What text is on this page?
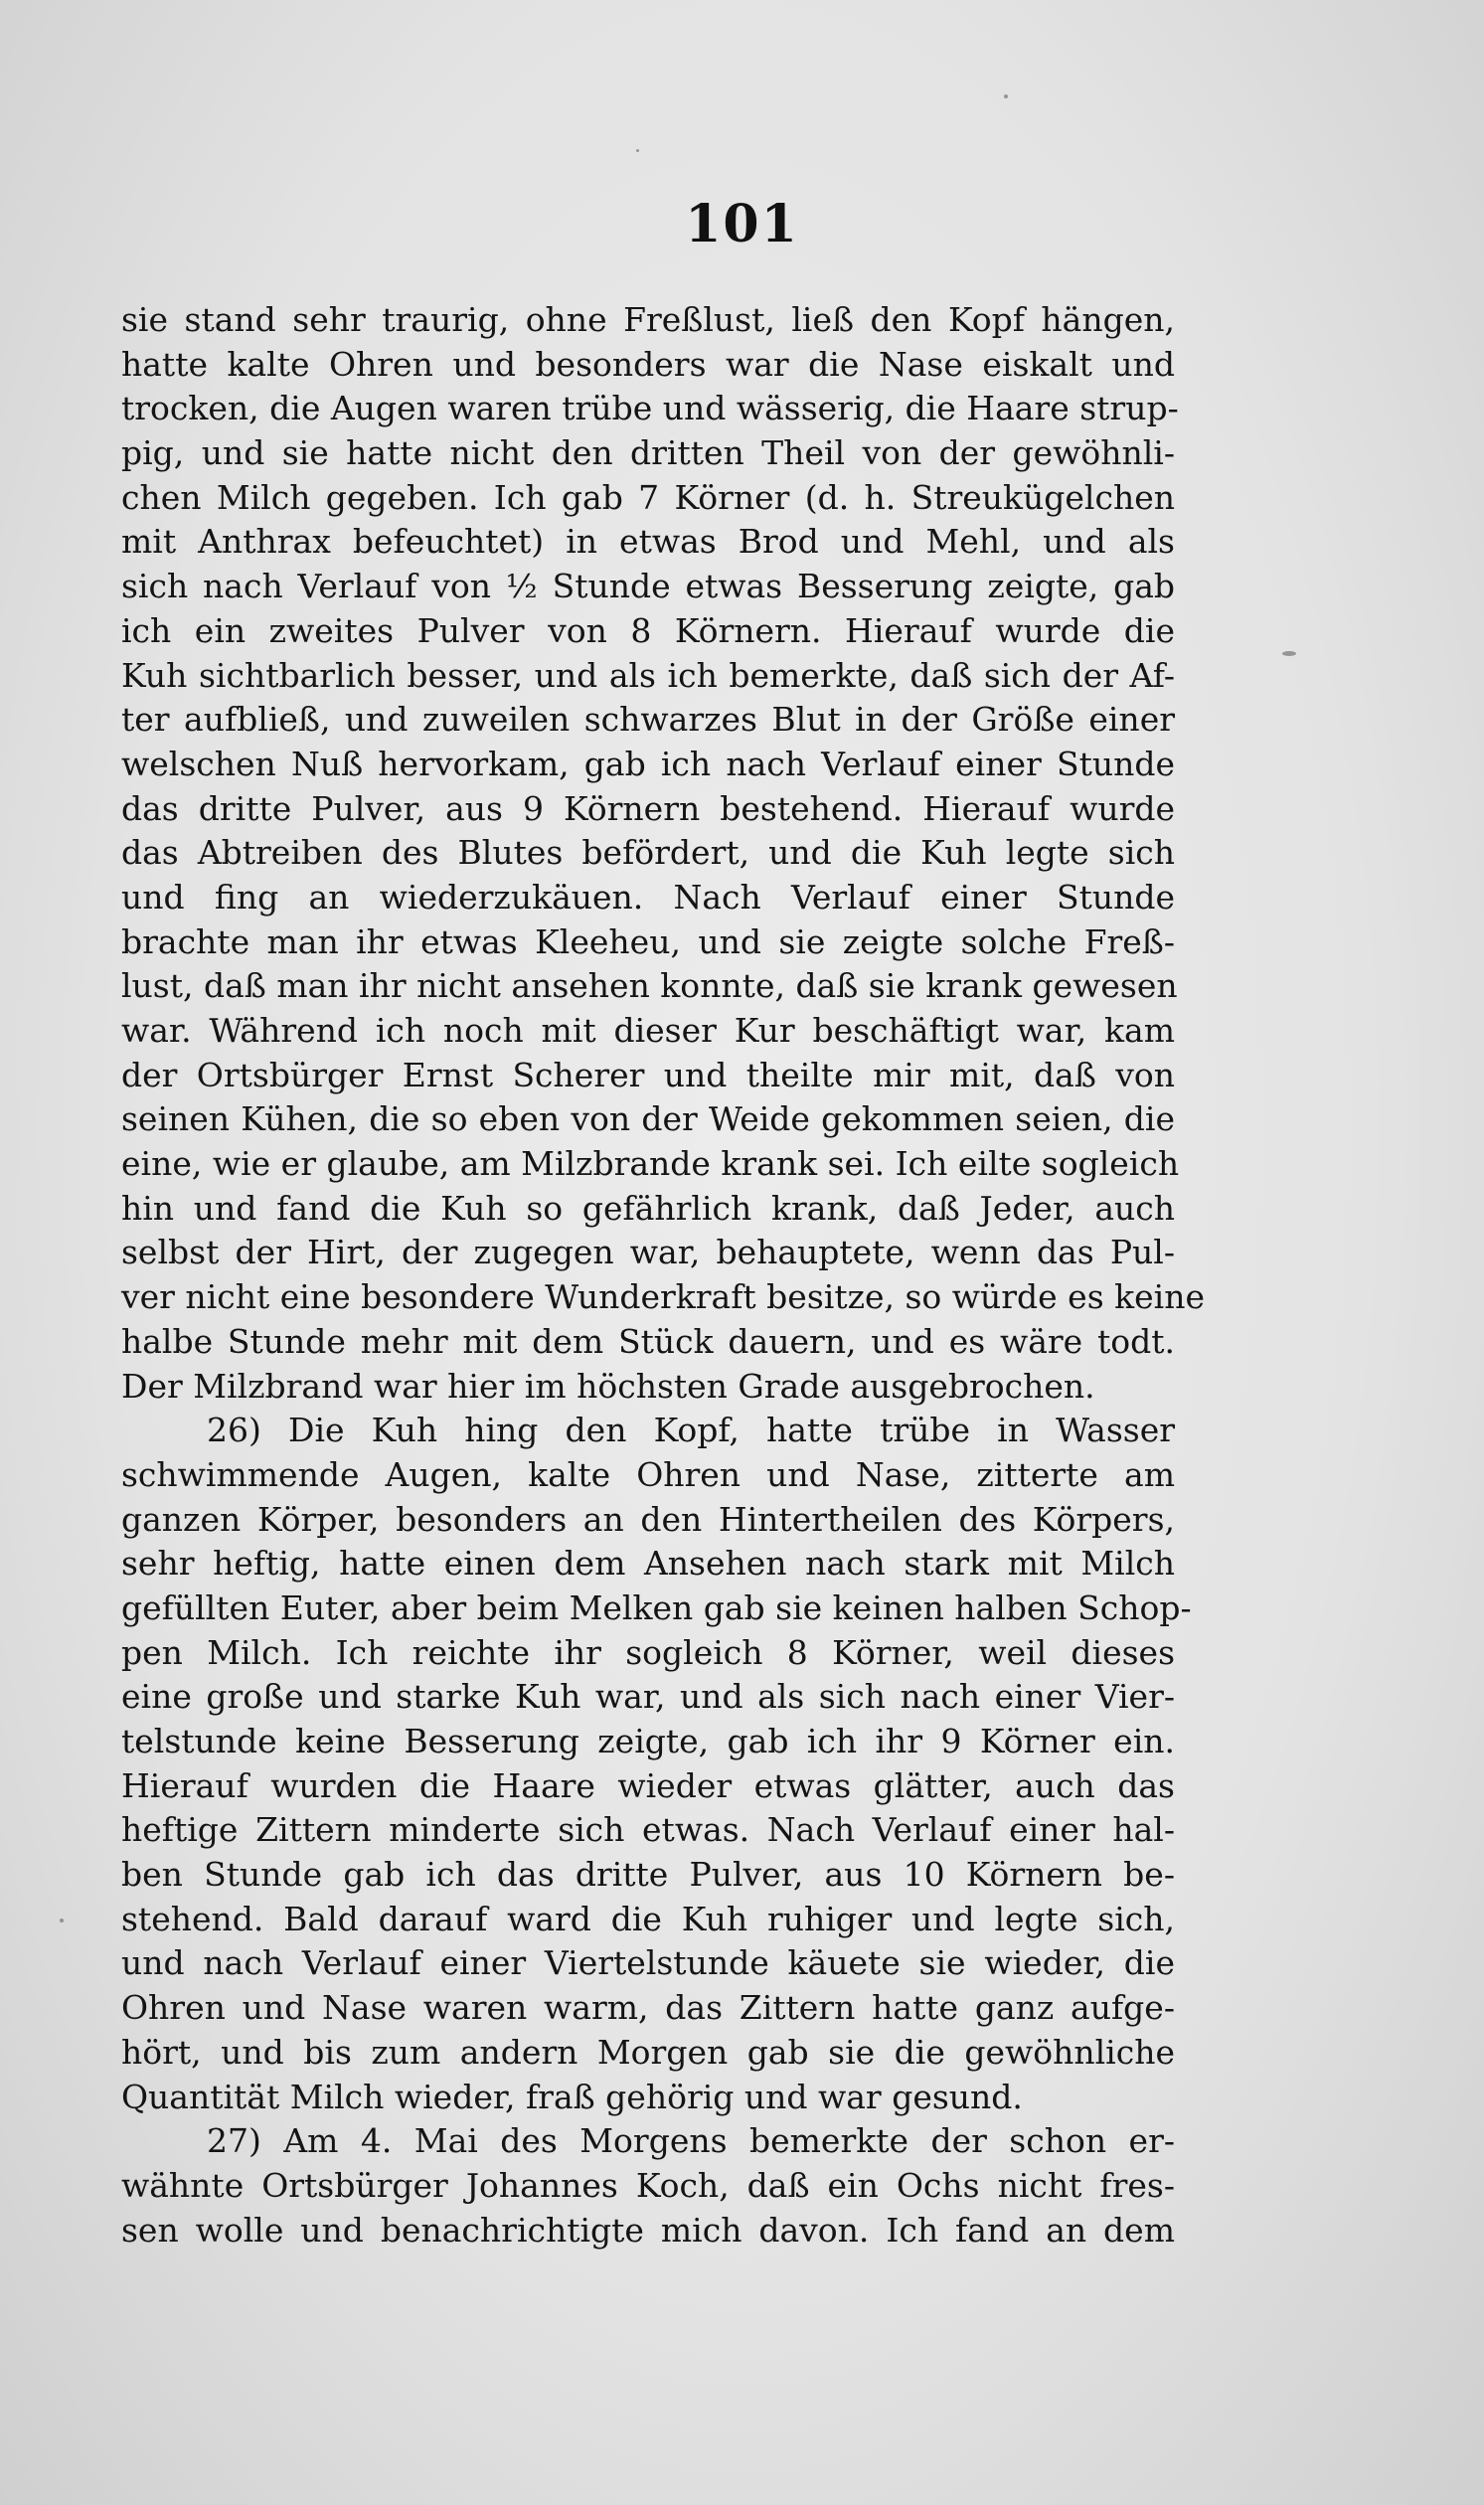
101
sie stand sehr traurig, ohne Freßlust, ließ den Kopf hängen,
hatte kalte Ohren und besonders war die Nase eiskalt und
trocken, die Augen waren trübe und wässerig, die Haare strup-
pig, und sie hatte nicht den dritten Theil von der gewöhnli-
chen Milch gegeben. Ich gab 7 Körner (d. h. Streukügelchen
mit Anthrax befeuchtet) in etwas Brod und Mehl, und als
sich nach Verlauf von ½ Stunde etwas Besserung zeigte, gab
ich ein zweites Pulver von 8 Körnern. Hierauf wurde die
Kuh sichtbarlich besser, und als ich bemerkte, daß sich der Af-
ter aufbließ, und zuweilen schwarzes Blut in der Größe einer
welschen Nuß hervorkam, gab ich nach Verlauf einer Stunde
das dritte Pulver, aus 9 Körnern bestehend. Hierauf wurde
das Abtreiben des Blutes befördert, und die Kuh legte sich
und fing an wiederzukäuen. Nach Verlauf einer Stunde
brachte man ihr etwas Kleeheu, und sie zeigte solche Freß-
lust, daß man ihr nicht ansehen konnte, daß sie krank gewesen
war. Während ich noch mit dieser Kur beschäftigt war, kam
der Ortsbürger Ernst Scherer und theilte mir mit, daß von
seinen Kühen, die so eben von der Weide gekommen seien, die
eine, wie er glaube, am Milzbrande krank sei. Ich eilte sogleich
hin und fand die Kuh so gefährlich krank, daß Jeder, auch
selbst der Hirt, der zugegen war, behauptete, wenn das Pul-
ver nicht eine besondere Wunderkraft besitze, so würde es keine
halbe Stunde mehr mit dem Stück dauern, und es wäre todt.
Der Milzbrand war hier im höchsten Grade ausgebrochen.
26) Die Kuh hing den Kopf, hatte trübe in Wasser
schwimmende Augen, kalte Ohren und Nase, zitterte am
ganzen Körper, besonders an den Hintertheilen des Körpers,
sehr heftig, hatte einen dem Ansehen nach stark mit Milch
gefüllten Euter, aber beim Melken gab sie keinen halben Schop-
pen Milch. Ich reichte ihr sogleich 8 Körner, weil dieses
eine große und starke Kuh war, und als sich nach einer Vier-
telstunde keine Besserung zeigte, gab ich ihr 9 Körner ein.
Hierauf wurden die Haare wieder etwas glätter, auch das
heftige Zittern minderte sich etwas. Nach Verlauf einer hal-
ben Stunde gab ich das dritte Pulver, aus 10 Körnern be-
stehend. Bald darauf ward die Kuh ruhiger und legte sich,
und nach Verlauf einer Viertelstunde käuete sie wieder, die
Ohren und Nase waren warm, das Zittern hatte ganz aufge-
hört, und bis zum andern Morgen gab sie die gewöhnliche
Quantität Milch wieder, fraß gehörig und war gesund.
27) Am 4. Mai des Morgens bemerkte der schon er-
wähnte Ortsbürger Johannes Koch, daß ein Ochs nicht fres-
sen wolle und benachrichtigte mich davon. Ich fand an dem
